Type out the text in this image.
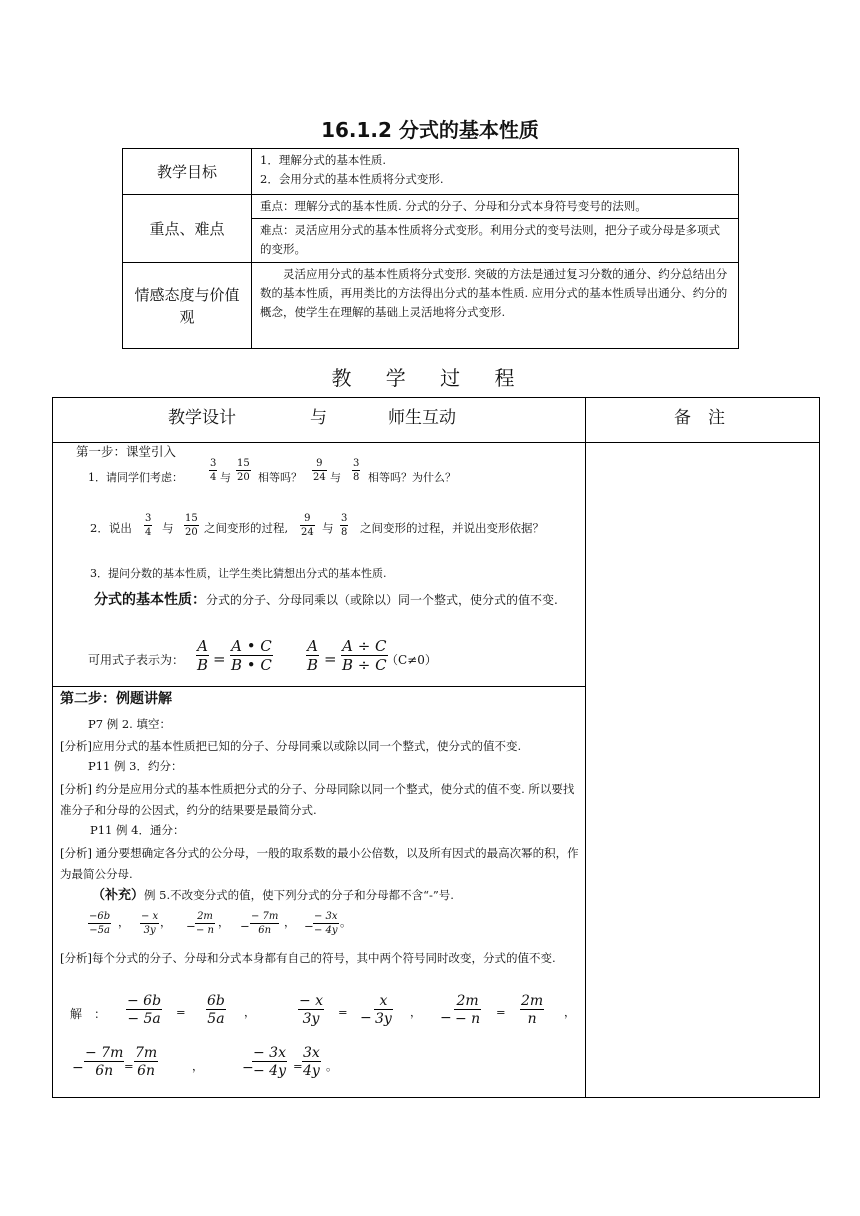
16.1.2 分式的基本性质
教学目标	1．理解分式的基本性质.
2．会用分式的基本性质将分式变形.

重点、难点	重点：理解分式的基本性质. 分式的分子、分母和分式本身符号变号的法则。
	难点：灵活应用分式的基本性质将分式变形。利用分式的变号法则，把分子或分母是多项式的变形。

情感态度与价值
观	灵活应用分式的基本性质将分式变形. 突破的方法是通过复习分数的通分、约分总结出分数的基本性质，再用类比的方法得出分式的基本性质. 应用分式的基本性质导出通分、约分的概念，使学生在理解的基础上灵活地将分式变形.
教 学 过 程
教学设计	与	师生互动	备　注
第一步：课堂引入
1．请同学们考虑：
3
4 与
15
20 相等吗？
9
24 与
3
8 相等吗？为什么？
2．说出
3
4 与
15
20 之间变形的过程,
9
24 与
3
8 之间变形的过程，并说出变形依据？
3．提问分数的基本性质，让学生类比猜想出分式的基本性质.
分式的基本性质：分式的分子、分母同乘以（或除以）同一个整式，使分式的值不变.
可用式子表示为：
A
B =
A • C
B • C
A
B =
A ÷ C
B ÷ C （C≠0）
第二步：例题讲解
P7 例 2. 填空：
[分析]应用分式的基本性质把已知的分子、分母同乘以或除以同一个整式，使分式的值不变.
P11 例 3．约分：
[分析] 约分是应用分式的基本性质把分式的分子、分母同除以同一个整式，使分式的值不变. 所以要找准分子和分母的公因式，约分的结果要是最简分式.
P11 例 4．通分：
[分析] 通分要想确定各分式的公分母，一般的取系数的最小公倍数，以及所有因式的最高次幂的积，作为最简公分母.
（补充）例 5.不改变分式的值，使下列分式的分子和分母都不含“-”号.
−6b
−5a
， − x
3y
， −
2m
− n
， −
− 7m
6n
， −
− 3x
− 4y
。
[分析]每个分式的分子、分母和分式本身都有自己的符号，其中两个符号同时改变，分式的值不变.
解　：
− 6b
− 5a =
6b
5a ，
− x
3y = −
x
3y ， −
2m
− n =
2m
n ，
−
− 7m
6n =
7m
6n	，	−
− 3x
− 4y =
3x
4y 。
